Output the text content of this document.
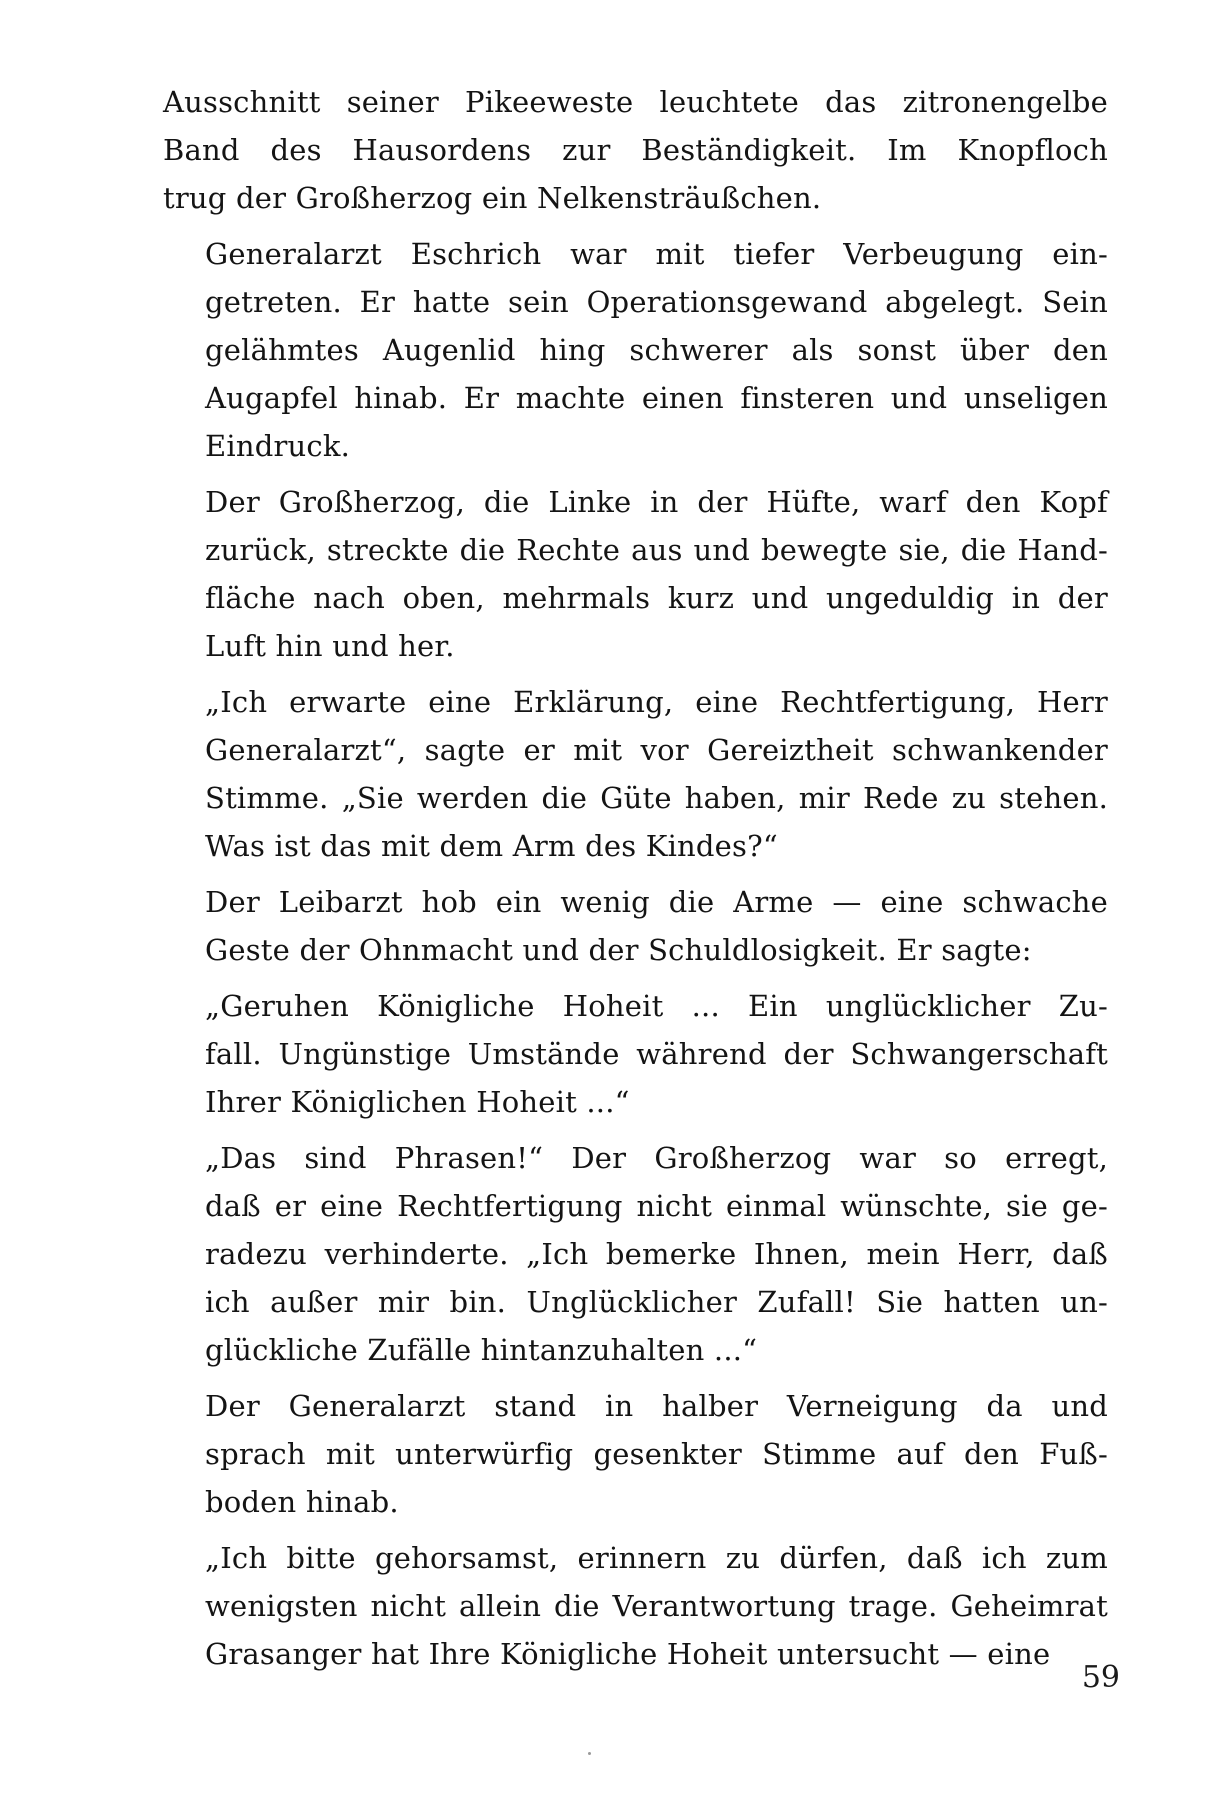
Ausschnitt seiner Pikeeweste leuchtete das zitronengelbe
Band des Hausordens zur Beständigkeit. Im Knopfloch
trug der Großherzog ein Nelkensträußchen.
Generalarzt Eschrich war mit tiefer Verbeugung ein-
getreten. Er hatte sein Operationsgewand abgelegt. Sein
gelähmtes Augenlid hing schwerer als sonst über den
Augapfel hinab. Er machte einen finsteren und unseligen
Eindruck.
Der Großherzog, die Linke in der Hüfte, warf den Kopf
zurück, streckte die Rechte aus und bewegte sie, die Hand-
fläche nach oben, mehrmals kurz und ungeduldig in der
Luft hin und her.
„Ich erwarte eine Erklärung, eine Rechtfertigung, Herr
Generalarzt“, sagte er mit vor Gereiztheit schwankender
Stimme. „Sie werden die Güte haben, mir Rede zu stehen.
Was ist das mit dem Arm des Kindes?“
Der Leibarzt hob ein wenig die Arme — eine schwache
Geste der Ohnmacht und der Schuldlosigkeit. Er sagte:
„Geruhen Königliche Hoheit ... Ein unglücklicher Zu-
fall. Ungünstige Umstände während der Schwangerschaft
Ihrer Königlichen Hoheit ...“
„Das sind Phrasen!“ Der Großherzog war so erregt,
daß er eine Rechtfertigung nicht einmal wünschte, sie ge-
radezu verhinderte. „Ich bemerke Ihnen, mein Herr, daß
ich außer mir bin. Unglücklicher Zufall! Sie hatten un-
glückliche Zufälle hintanzuhalten ...“
Der Generalarzt stand in halber Verneigung da und
sprach mit unterwürfig gesenkter Stimme auf den Fuß-
boden hinab.
„Ich bitte gehorsamst, erinnern zu dürfen, daß ich zum
wenigsten nicht allein die Verantwortung trage. Geheimrat
Grasanger hat Ihre Königliche Hoheit untersucht — eine
59
